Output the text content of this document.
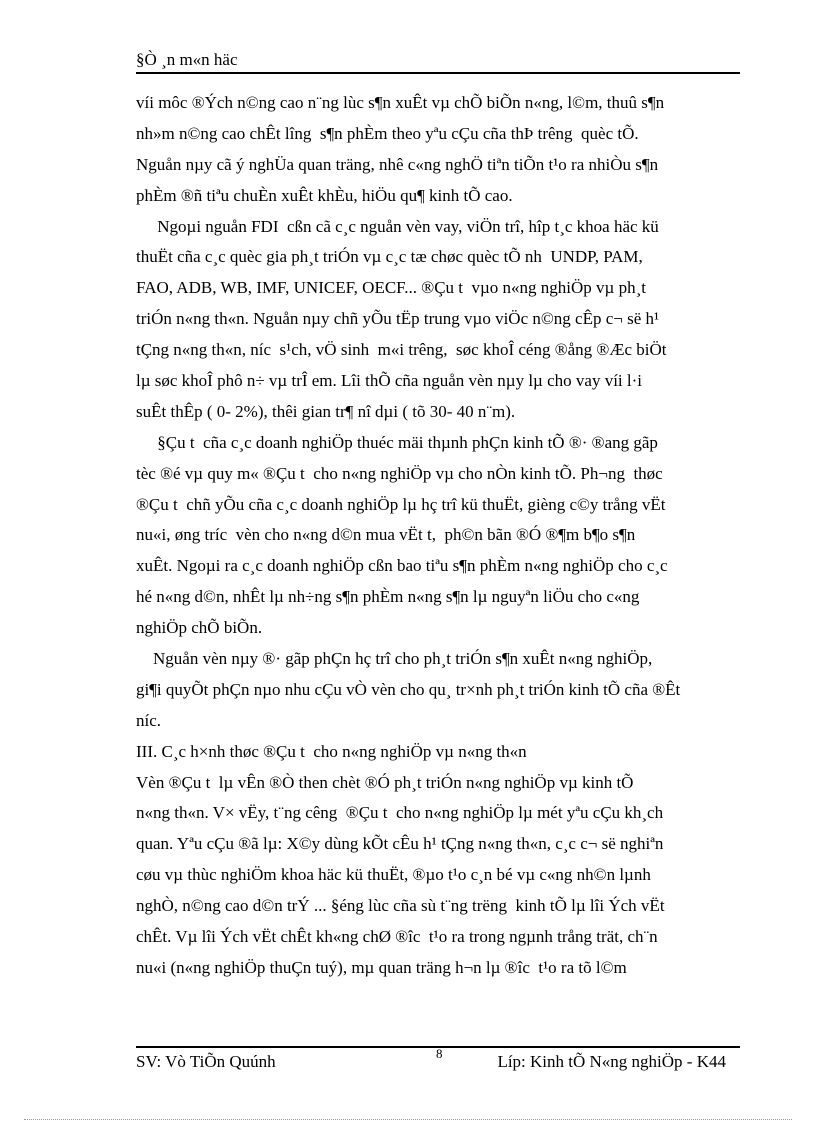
§Ò ¸n m«n häc
víi môc ®Ých n©ng cao n¨ng lùc s¶n xuÊt vµ chÕ biÕn n«ng, l©m, thuû s¶n
nh»m n©ng cao chÊt lîng  s¶n phÈm theo yªu cÇu cña thÞ trêng  quèc tÕ.
Nguån nµy cã ý nghÜa quan träng, nhê c«ng nghÖ tiªn tiÕn t¹o ra nhiÒu s¶n
phÈm ®ñ tiªu chuÈn xuÊt khÈu, hiÖu qu¶ kinh tÕ cao.
Ngoµi nguån FDI  cßn cã c¸c nguån vèn vay, viÖn trî, hîp t¸c khoa häc kü
thuËt cña c¸c quèc gia ph¸t triÓn vµ c¸c tæ chøc quèc tÕ nh  UNDP, PAM,
FAO, ADB, WB, IMF, UNICEF, OECF... ®Çu t  vµo n«ng nghiÖp vµ ph¸t
triÓn n«ng th«n. Nguån nµy chñ yÕu tËp trung vµo viÖc n©ng cÊp c¬ së h¹
tÇng n«ng th«n, níc  s¹ch, vÖ sinh  m«i trêng,  søc khoÎ céng ®ång ®Æc biÖt
lµ søc khoÎ phô n÷ vµ trÎ em. Lîi thÕ cña nguån vèn nµy lµ cho vay víi l·i
suÊt thÊp ( 0- 2%), thêi gian tr¶ nî dµi ( tõ 30- 40 n¨m).
§Çu t  cña c¸c doanh nghiÖp thuéc mäi thµnh phÇn kinh tÕ ®· ®ang gãp
tèc ®é vµ quy m« ®Çu t  cho n«ng nghiÖp vµ cho nÒn kinh tÕ. Ph¬ng  thøc
®Çu t  chñ yÕu cña c¸c doanh nghiÖp lµ hç trî kü thuËt, gièng c©y trång vËt
nu«i, øng tríc  vèn cho n«ng d©n mua vËt t,  ph©n bãn ®Ó ®¶m b¶o s¶n
xuÊt. Ngoµi ra c¸c doanh nghiÖp cßn bao tiªu s¶n phÈm n«ng nghiÖp cho c¸c
hé n«ng d©n, nhÊt lµ nh÷ng s¶n phÈm n«ng s¶n lµ nguyªn liÖu cho c«ng
nghiÖp chÕ biÕn.
Nguån vèn nµy ®· gãp phÇn hç trî cho ph¸t triÓn s¶n xuÊt n«ng nghiÖp,
gi¶i quyÕt phÇn nµo nhu cÇu vÒ vèn cho qu¸ tr×nh ph¸t triÓn kinh tÕ cña ®Êt
níc.
III. C¸c h×nh thøc ®Çu t  cho n«ng nghiÖp vµ n«ng th«n
Vèn ®Çu t  lµ vÊn ®Ò then chèt ®Ó ph¸t triÓn n«ng nghiÖp vµ kinh tÕ
n«ng th«n. V× vËy, t¨ng cêng  ®Çu t  cho n«ng nghiÖp lµ mét yªu cÇu kh¸ch
quan. Yªu cÇu ®ã lµ: X©y dùng kÕt cÊu h¹ tÇng n«ng th«n, c¸c c¬ së nghiªn
cøu vµ thùc nghiÖm khoa häc kü thuËt, ®µo t¹o c¸n bé vµ c«ng nh©n lµnh
nghÒ, n©ng cao d©n trÝ ... §éng lùc cña sù t¨ng trëng  kinh tÕ lµ lîi Ých vËt
chÊt. Vµ lîi Ých vËt chÊt kh«ng chØ ®îc  t¹o ra trong ngµnh trång trät, ch¨n
nu«i (n«ng nghiÖp thuÇn tuý), mµ quan träng h¬n lµ ®îc  t¹o ra tõ l©m
SV: Vò TiÕn Quúnh	8	Líp: Kinh tÕ N«ng nghiÖp - K44
